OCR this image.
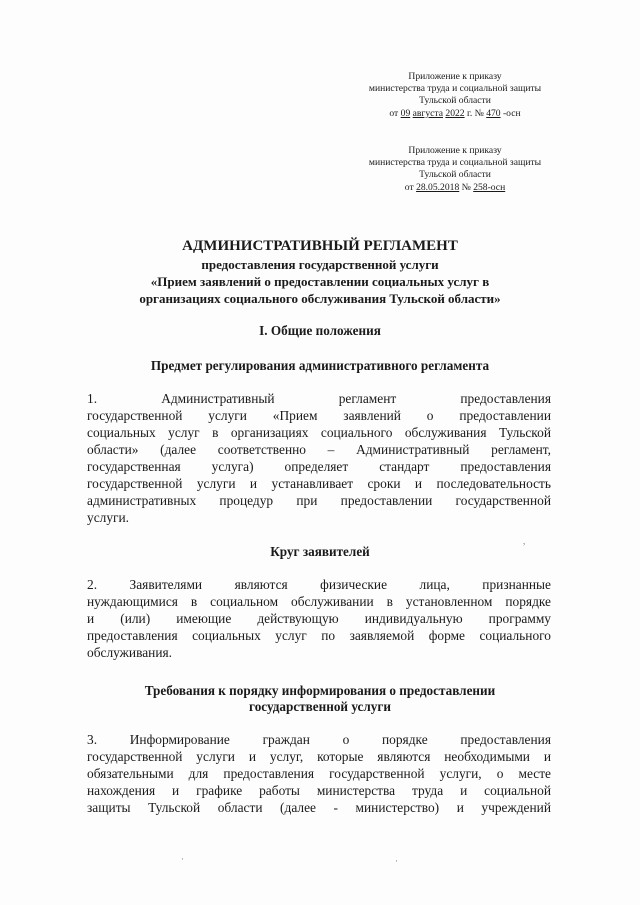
Приложение к приказу
министерства труда и социальной защиты
Тульской области
от 09 августа 2022 г. № 470 -осн
Приложение к приказу
министерства труда и социальной защиты
Тульской области
от 28.05.2018 № 258-осн
АДМИНИСТРАТИВНЫЙ РЕГЛАМЕНТ
предоставления государственной услуги
«Прием заявлений о предоставлении социальных услуг в
организациях социального обслуживания Тульской области»
I. Общие положения
Предмет регулирования административного регламента
1. Административный регламент предоставления
государственной услуги «Прием заявлений о предоставлении
социальных услуг в организациях социального обслуживания Тульской
области» (далее соответственно – Административный регламент,
государственная услуга) определяет стандарт предоставления
государственной услуги и устанавливает сроки и последовательность
административных процедур при предоставлении государственной
услуги.
Круг заявителей
2. Заявителями являются физические лица, признанные
нуждающимися в социальном обслуживании в установленном порядке
и (или) имеющие действующую индивидуальную программу
предоставления социальных услуг по заявляемой форме социального
обслуживания.
Требования к порядку информирования о предоставлении
государственной услуги
3. Информирование граждан о порядке предоставления
государственной услуги и услуг, которые являются необходимыми и
обязательными для предоставления государственной услуги, о месте
нахождения и графике работы министерства труда и социальной
защиты Тульской области (далее - министерство) и учреждений
,
·	·
